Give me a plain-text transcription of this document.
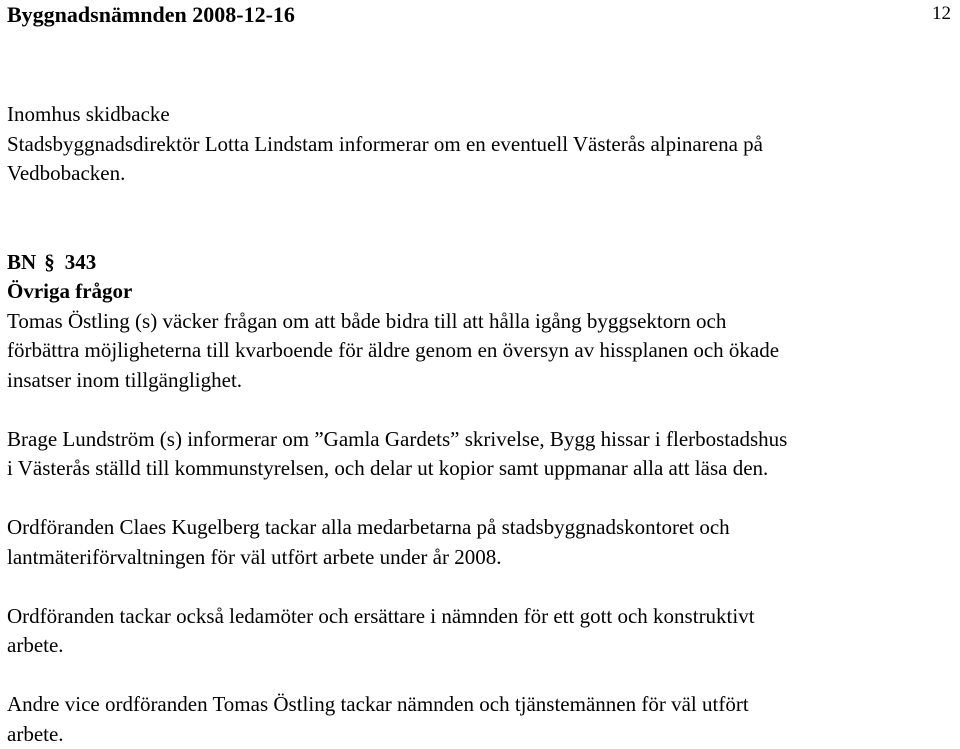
Byggnadsnämnden 2008-12-16	12
Inomhus skidbacke
Stadsbyggnadsdirektör Lotta Lindstam informerar om en eventuell Västerås alpinarena på
Vedbobacken.
BN § 343
Övriga frågor
Tomas Östling (s) väcker frågan om att både bidra till att hålla igång byggsektorn och
förbättra möjligheterna till kvarboende för äldre genom en översyn av hissplanen och ökade
insatser inom tillgänglighet.
Brage Lundström (s) informerar om ”Gamla Gardets” skrivelse, Bygg hissar i flerbostadshus
i Västerås ställd till kommunstyrelsen, och delar ut kopior samt uppmanar alla att läsa den.
Ordföranden Claes Kugelberg tackar alla medarbetarna på stadsbyggnadskontoret och
lantmäteriförvaltningen för väl utfört arbete under år 2008.
Ordföranden tackar också ledamöter och ersättare i nämnden för ett gott och konstruktivt
arbete.
Andre vice ordföranden Tomas Östling tackar nämnden och tjänstemännen för väl utfört
arbete.
